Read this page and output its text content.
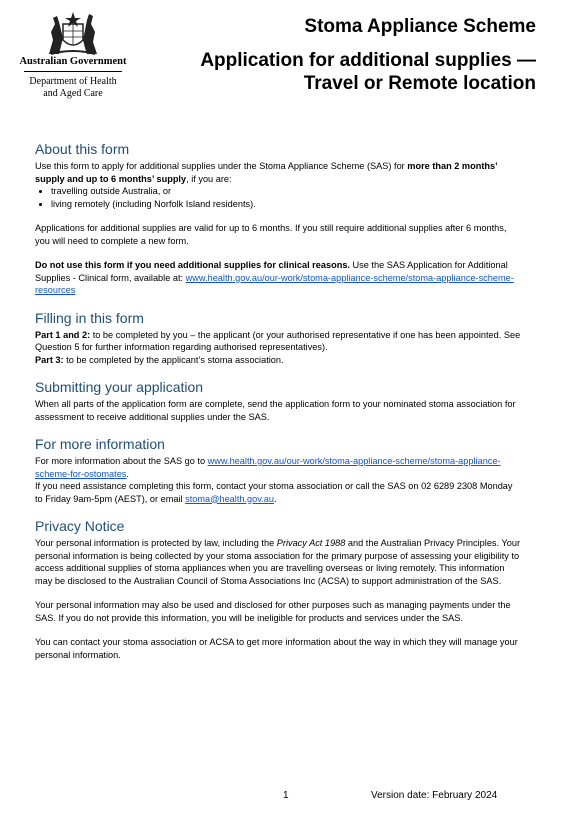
Australian Government
Department of Health
and Aged Care
Stoma Appliance Scheme
Application for additional supplies —
Travel or Remote location
About this form

Use this form to apply for additional supplies under the Stoma Appliance Scheme (SAS) for more than 2 months’ supply and up to 6 months’ supply, if you are:

• travelling outside Australia, or
• living remotely (including Norfolk Island residents).

Applications for additional supplies are valid for up to 6 months. If you still require additional supplies after 6 months, you will need to complete a new form.

Do not use this form if you need additional supplies for clinical reasons. Use the SAS Application for Additional Supplies - Clinical form, available at: www.health.gov.au/our-work/stoma-appliance-scheme/stoma-appliance-scheme-resources

Filling in this form

Part 1 and 2: to be completed by you – the applicant (or your authorised representative if one has been appointed. See Question 5 for further information regarding authorised representatives).

Part 3: to be completed by the applicant’s stoma association.

Submitting your application

When all parts of the application form are complete, send the application form to your nominated stoma association for assessment to receive additional supplies under the SAS.

For more information

For more information about the SAS go to www.health.gov.au/our-work/stoma-appliance-scheme/stoma-appliance-scheme-for-ostomates.

If you need assistance completing this form, contact your stoma association or call the SAS on 02 6289 2308 Monday to Friday 9am-5pm (AEST), or email stoma@health.gov.au.

Privacy Notice

Your personal information is protected by law, including the Privacy Act 1988 and the Australian Privacy Principles. Your personal information is being collected by your stoma association for the primary purpose of assessing your eligibility to access additional supplies of stoma appliances when you are travelling overseas or living remotely. This information may be disclosed to the Australian Council of Stoma Associations Inc (ACSA) to support administration of the SAS.

Your personal information may also be used and disclosed for other purposes such as managing payments under the SAS. If you do not provide this information, you will be ineligible for products and services under the SAS.

You can contact your stoma association or ACSA to get more information about the way in which they will manage your personal information.

1	Version date: February 2024
